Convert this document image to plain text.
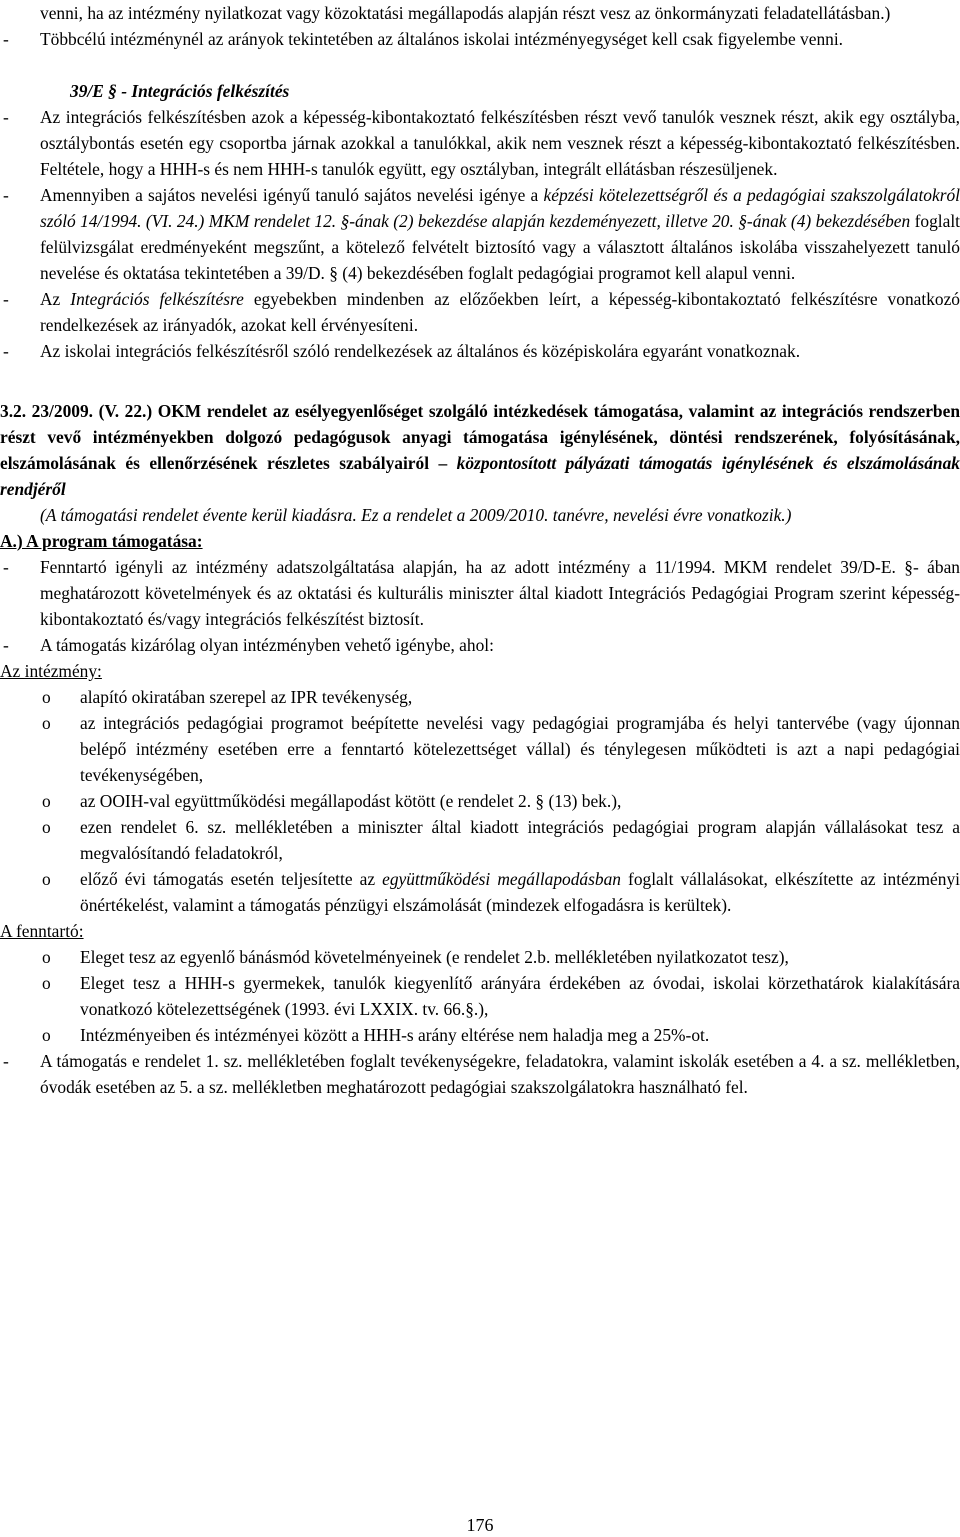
venni, ha az intézmény nyilatkozat vagy közoktatási megállapodás alapján részt vesz az önkormányzati feladatellátásban.)

- Többcélú intézménynél az arányok tekintetében az általános iskolai intézményegységet kell csak figyelembe venni.

39/E § - Integrációs felkészítés

- Az integrációs felkészítésben azok a képesség-kibontakoztató felkészítésben részt vevő tanulók vesznek részt, akik egy osztályba, osztálybontás esetén egy csoportba járnak azokkal a tanulókkal, akik nem vesznek részt a képesség-kibontakoztató felkészítésben. Feltétele, hogy a HHH-s és nem HHH-s tanulók együtt, egy osztályban, integrált ellátásban részesüljenek.
- Amennyiben a sajátos nevelési igényű tanuló sajátos nevelési igénye a képzési kötelezettségről és a pedagógiai szakszolgálatokról szóló 14/1994. (VI. 24.) MKM rendelet 12. §-ának (2) bekezdése alapján kezdeményezett, illetve 20. §-ának (4) bekezdésében foglalt felülvizsgálat eredményeként megszűnt, a kötelező felvételt biztosító vagy a választott általános iskolába visszahelyezett tanuló nevelése és oktatása tekintetében a 39/D. § (4) bekezdésében foglalt pedagógiai programot kell alapul venni.
- Az Integrációs felkészítésre egyebekben mindenben az előzőekben leírt, a képesség-kibontakoztató felkészítésre vonatkozó rendelkezések az irányadók, azokat kell érvényesíteni.
- Az iskolai integrációs felkészítésről szóló rendelkezések az általános és középiskolára egyaránt vonatkoznak.

3.2. 23/2009. (V. 22.) OKM rendelet az esélyegyenlőséget szolgáló intézkedések támogatása, valamint az integrációs rendszerben részt vevő intézményekben dolgozó pedagógusok anyagi támogatása igénylésének, döntési rendszerének, folyósításának, elszámolásának és ellenőrzésének részletes szabályairól – központosított pályázati támogatás igénylésének és elszámolásának rendjéről

(A támogatási rendelet évente kerül kiadásra. Ez a rendelet a 2009/2010. tanévre, nevelési évre vonatkozik.)

A.) A program támogatása:

- Fenntartó igényli az intézmény adatszolgáltatása alapján, ha az adott intézmény a 11/1994. MKM rendelet 39/D-E. §- ában meghatározott követelmények és az oktatási és kulturális miniszter által kiadott Integrációs Pedagógiai Program szerint képesség-kibontakoztató és/vagy integrációs felkészítést biztosít.
- A támogatás kizárólag olyan intézményben vehető igénybe, ahol:

Az intézmény:

o alapító okiratában szerepel az IPR tevékenység,
o az integrációs pedagógiai programot beépítette nevelési vagy pedagógiai programjába és helyi tantervébe (vagy újonnan belépő intézmény esetében erre a fenntartó kötelezettséget vállal) és ténylegesen működteti is azt a napi pedagógiai tevékenységében,
o az OOIH-val együttműködési megállapodást kötött (e rendelet 2. § (13) bek.),
o ezen rendelet 6. sz. mellékletében a miniszter által kiadott integrációs pedagógiai program alapján vállalásokat tesz a megvalósítandó feladatokról,
o előző évi támogatás esetén teljesítette az együttműködési megállapodásban foglalt vállalásokat, elkészítette az intézményi önértékelést, valamint a támogatás pénzügyi elszámolását (mindezek elfogadásra is kerültek).

A fenntartó:

o Eleget tesz az egyenlő bánásmód követelményeinek (e rendelet 2.b. mellékletében nyilatkozatot tesz),
o Eleget tesz a HHH-s gyermekek, tanulók kiegyenlítő arányára érdekében az óvodai, iskolai körzethatárok kialakítására vonatkozó kötelezettségének (1993. évi LXXIX. tv. 66.§.),
o Intézményeiben és intézményei között a HHH-s arány eltérése nem haladja meg a 25%-ot.
- A támogatás e rendelet 1. sz. mellékletében foglalt tevékenységekre, feladatokra, valamint iskolák esetében a 4. a sz. mellékletben, óvodák esetében az 5. a sz. mellékletben meghatározott pedagógiai szakszolgálatokra használható fel.
176
